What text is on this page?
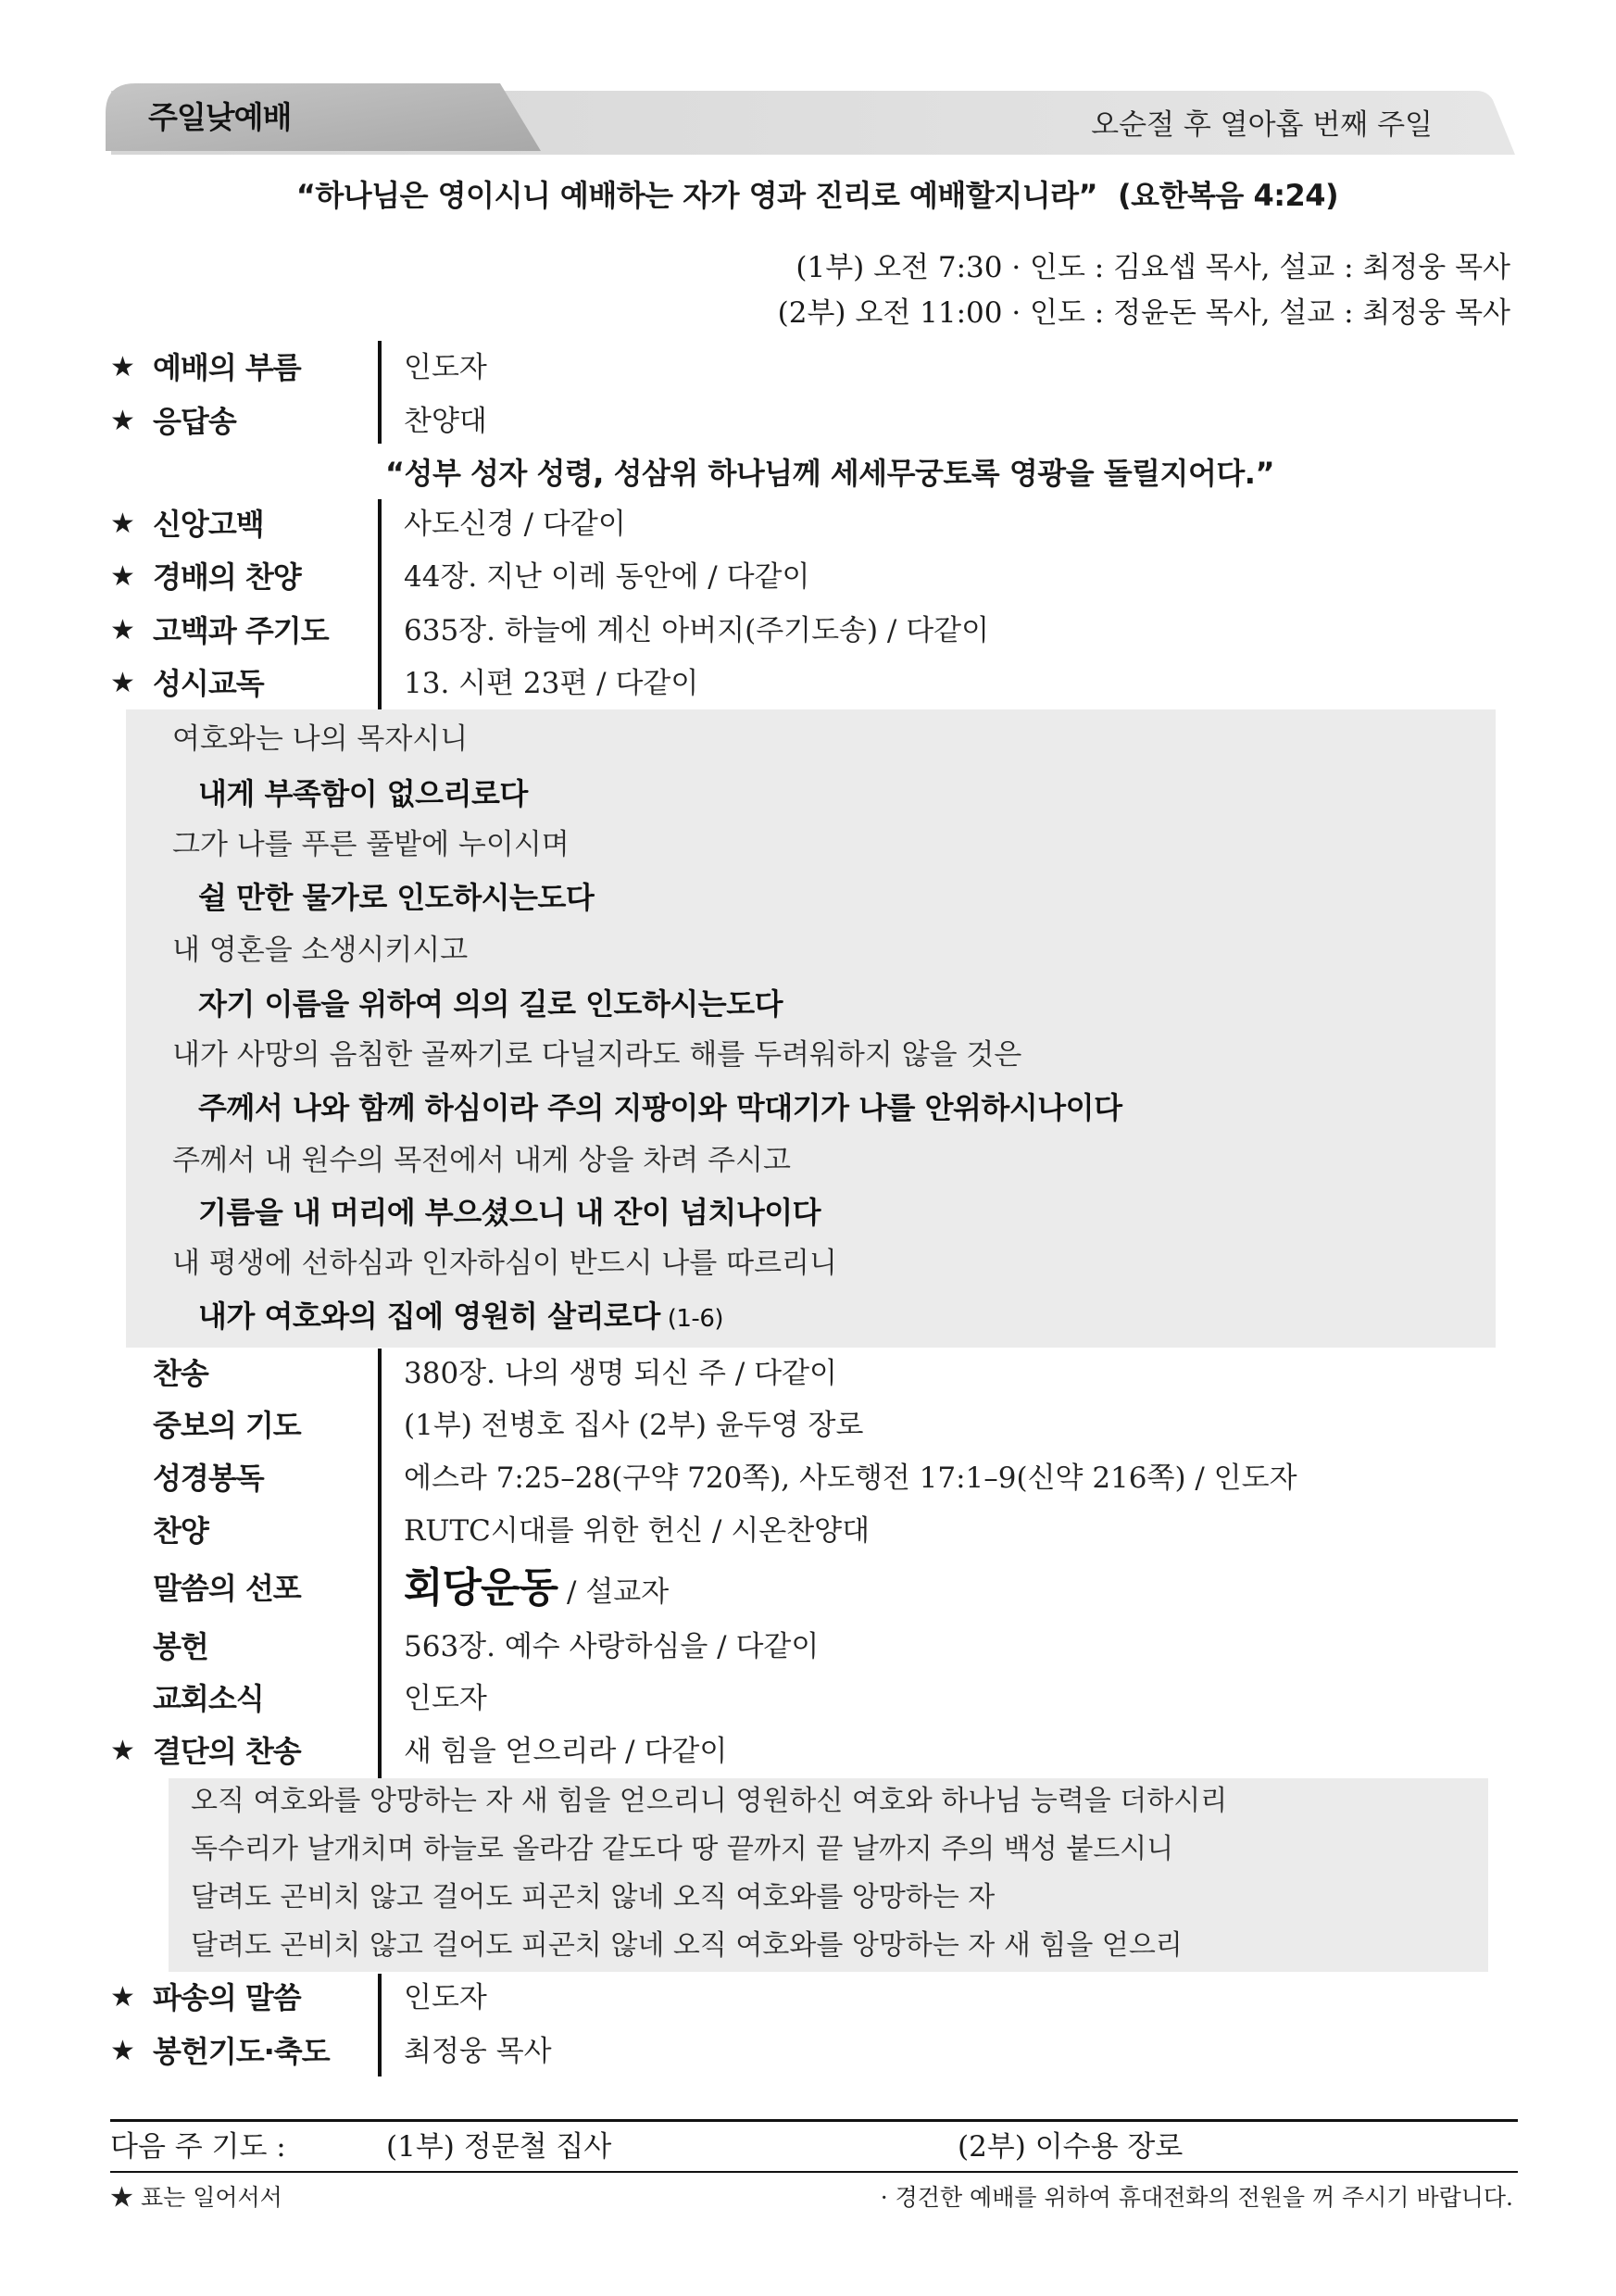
주일낮예배	오순절 후 열아홉 번째 주일
“하나님은 영이시니 예배하는 자가 영과 진리로 예배할지니라” (요한복음 4:24)
(1부) 오전 7:30 · 인도 : 김요셉 목사, 설교 : 최정웅 목사
(2부) 오전 11:00 · 인도 : 정윤돈 목사, 설교 : 최정웅 목사
★ 예배의 부름	인도자
★ 응답송	찬양대
“성부 성자 성령, 성삼위 하나님께 세세무궁토록 영광을 돌릴지어다.”
★ 신앙고백	사도신경 / 다같이
★ 경배의 찬양	44장. 지난 이레 동안에 / 다같이
★ 고백과 주기도	635장. 하늘에 계신 아버지(주기도송) / 다같이
★ 성시교독	13. 시편 23편 / 다같이
여호와는 나의 목자시니
내게 부족함이 없으리로다
그가 나를 푸른 풀밭에 누이시며
쉴 만한 물가로 인도하시는도다
내 영혼을 소생시키시고
자기 이름을 위하여 의의 길로 인도하시는도다
내가 사망의 음침한 골짜기로 다닐지라도 해를 두려워하지 않을 것은
주께서 나와 함께 하심이라 주의 지팡이와 막대기가 나를 안위하시나이다
주께서 내 원수의 목전에서 내게 상을 차려 주시고
기름을 내 머리에 부으셨으니 내 잔이 넘치나이다
내 평생에 선하심과 인자하심이 반드시 나를 따르리니
내가 여호와의 집에 영원히 살리로다 (1-6)
찬송	380장. 나의 생명 되신 주 / 다같이
중보의 기도	(1부) 전병호 집사 (2부) 윤두영 장로
성경봉독	에스라 7:25–28(구약 720쪽), 사도행전 17:1–9(신약 216쪽) / 인도자
찬양	RUTC시대를 위한 헌신 / 시온찬양대
말씀의 선포	회당운동 / 설교자
봉헌	563장. 예수 사랑하심을 / 다같이
교회소식	인도자
★ 결단의 찬송	새 힘을 얻으리라 / 다같이
오직 여호와를 앙망하는 자 새 힘을 얻으리니 영원하신 여호와 하나님 능력을 더하시리
독수리가 날개치며 하늘로 올라감 같도다 땅 끝까지 끝 날까지 주의 백성 붙드시니
달려도 곤비치 않고 걸어도 피곤치 않네 오직 여호와를 앙망하는 자
달려도 곤비치 않고 걸어도 피곤치 않네 오직 여호와를 앙망하는 자 새 힘을 얻으리
★ 파송의 말씀	인도자
★ 봉헌기도·축도	최정웅 목사
다음 주 기도 :	(1부) 정문철 집사	(2부) 이수용 장로
★ 표는 일어서서	· 경건한 예배를 위하여 휴대전화의 전원을 꺼 주시기 바랍니다.
